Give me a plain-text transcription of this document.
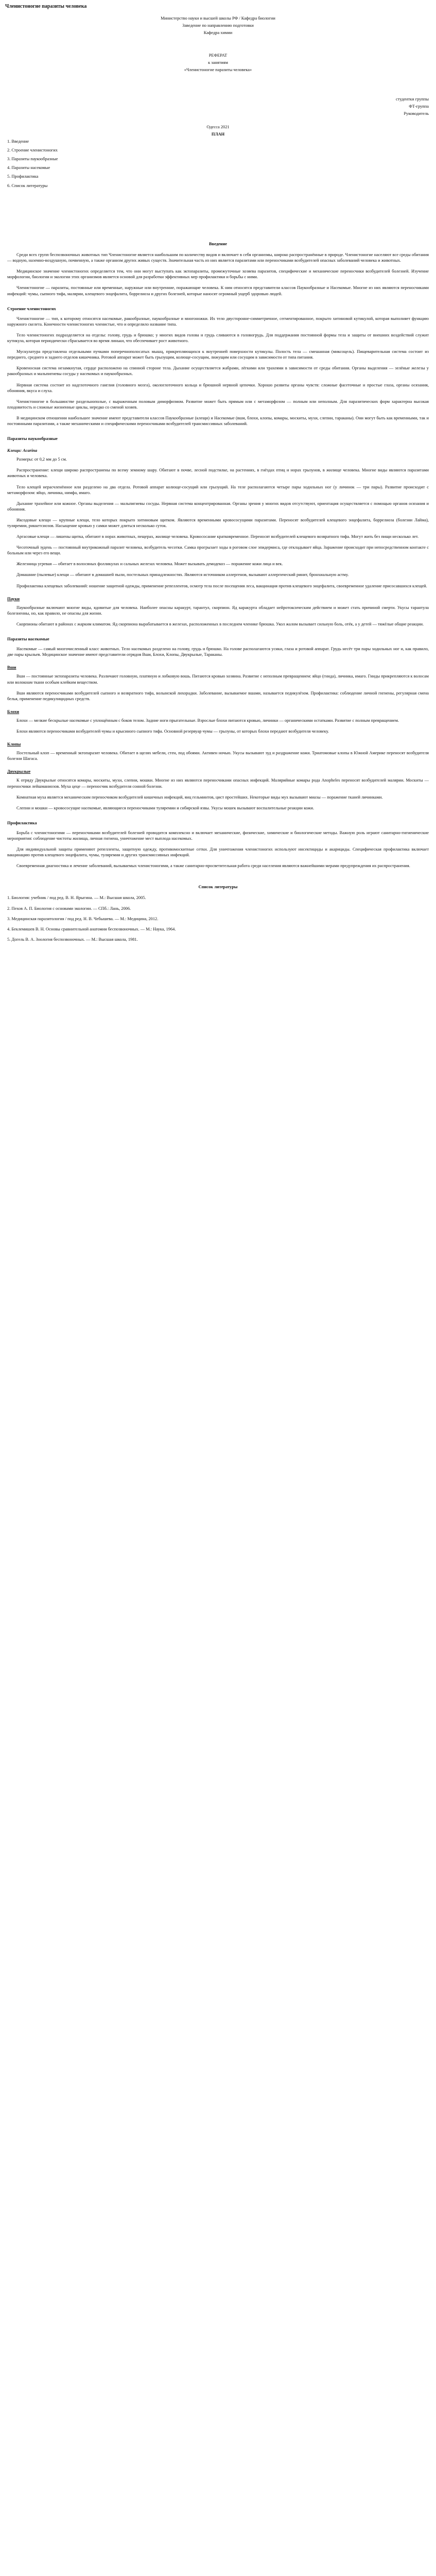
Членистоногие паразиты человека

Министерство науки и высшей школы РФ / Кафедра биологии

Заведение по направлению подготовки

Кафедра химии

РЕФЕРАТ

к занятиям

«Членистоногие паразиты человека»

студентки группы

ФТ-группа

Руководитель

Одесса 2021

ПЛАН

1. Введение
2. Строение членистоногих
3. Паразиты паукообразные
4. Паразиты насекомые
5. Профилактика
6. Список литературы
Введение

Среди всех групп беспозвоночных животных тип Членистоногие является наибольшим по количеству видов и включает в себя организмы, широко распространённые в природе. Членистоногие населяют все среды обитания — водную, наземно-воздушную, почвенную, а также организм других живых существ. Значительная часть из них является паразитами или переносчиками возбудителей опасных заболеваний человека и животных.

Медицинское значение членистоногих определяется тем, что они могут выступать как эктопаразиты, промежуточные хозяева паразитов, специфические и механические переносчики возбудителей болезней. Изучение морфологии, биологии и экологии этих организмов является основой для разработки эффективных мер профилактики и борьбы с ними.

Членистоногие — паразиты, постоянные или временные, наружные или внутренние, поражающие человека. К ним относятся представители классов Паукообразные и Насекомые. Многие из них являются переносчиками инфекций: чумы, сыпного тифа, малярии, клещевого энцефалита, боррелиоза и других болезней, которые наносят огромный ущерб здоровью людей.

Строение членистоногих

Членистоногие — тип, к которому относятся насекомые, ракообразные, паукообразные и многоножки. Их тело двусторонне-симметричное, сегментированное, покрыто хитиновой кутикулой, которая выполняет функцию наружного скелета. Конечности членистоногих членистые, что и определило название типа.

Тело членистоногих подразделяется на отделы: голову, грудь и брюшко; у многих видов голова и грудь сливаются в головогрудь. Для поддержания постоянной формы тела и защиты от внешних воздействий служит кутикула, которая периодически сбрасывается во время линьки, что обеспечивает рост животного.

Мускулатура представлена отдельными пучками поперечнополосатых мышц, прикрепляющихся к внутренней поверхности кутикулы. Полость тела — смешанная (миксоцель). Пищеварительная система состоит из переднего, среднего и заднего отделов кишечника. Ротовой аппарат может быть грызущим, колюще-сосущим, лижущим или сосущим в зависимости от типа питания.

Кровеносная система незамкнутая, сердце расположено на спинной стороне тела. Дыхание осуществляется жабрами, лёгкими или трахеями в зависимости от среды обитания. Органы выделения — зелёные железы у ракообразных и мальпигиевы сосуды у насекомых и паукообразных.

Нервная система состоит из надглоточного ганглия (головного мозга), окологлоточного кольца и брюшной нервной цепочки. Хорошо развиты органы чувств: сложные фасеточные и простые глаза, органы осязания, обоняния, вкуса и слуха.

Членистоногие в большинстве раздельнополые, с выраженным половым диморфизмом. Развитие может быть прямым или с метаморфозом — полным или неполным. Для паразитических форм характерна высокая плодовитость и сложные жизненные циклы, нередко со сменой хозяев.

В медицинском отношении наибольшее значение имеют представители классов Паукообразные (клещи) и Насекомые (вши, блохи, клопы, комары, москиты, мухи, слепни, тараканы). Они могут быть как временными, так и постоянными паразитами, а также механическими и специфическими переносчиками возбудителей трансмиссивных заболеваний.

Паразиты паукообразные
Клещи: Acarina

Размеры: от 0,2 мм до 5 см.

Распространение: клещи широко распространены по всему земному шару. Обитают в почве, лесной подстилке, на растениях, в гнёздах птиц и норах грызунов, в жилище человека. Многие виды являются паразитами животных и человека.

Тело клещей нерасчленённое или разделено на два отдела. Ротовой аппарат колюще-сосущий или грызущий. На теле располагаются четыре пары ходильных ног (у личинок — три пары). Развитие происходит с метаморфозом: яйцо, личинка, нимфа, имаго.

Дыхание трахейное или кожное. Органы выделения — мальпигиевы сосуды. Нервная система концентрированная. Органы зрения у многих видов отсутствуют, ориентация осуществляется с помощью органов осязания и обоняния.

Иксодовые клещи — крупные клещи, тело которых покрыто хитиновым щитком. Являются временными кровососущими паразитами. Переносят возбудителей клещевого энцефалита, боррелиоза (болезни Лайма), туляремии, риккетсиозов. Насыщение кровью у самки может длиться несколько суток.

Аргасовые клещи — лишены щитка, обитают в норах животных, пещерах, жилище человека. Кровососание кратковременное. Переносят возбудителей клещевого возвратного тифа. Могут жить без пищи несколько лет.

Чесоточный зудень — постоянный внутрикожный паразит человека, возбудитель чесотки. Самка прогрызает ходы в роговом слое эпидермиса, где откладывает яйца. Заражение происходит при непосредственном контакте с больным или через его вещи.

Железница угревая — обитает в волосяных фолликулах и сальных железах человека. Может вызывать демодекоз — поражение кожи лица и век.

Домашние (пылевые) клещи — обитают в домашней пыли, постельных принадлежностях. Являются источником аллергенов, вызывают аллергический ринит, бронхиальную астму.

Профилактика клещевых заболеваний: ношение защитной одежды, применение репеллентов, осмотр тела после посещения леса, вакцинация против клещевого энцефалита, своевременное удаление присосавшихся клещей.

Пауки

Паукообразные включают многие виды, ядовитые для человека. Наиболее опасны каракурт, тарантул, скорпион. Яд каракурта обладает нейротоксическим действием и может стать причиной смерти. Укусы тарантула болезненны, но, как правило, не опасны для жизни.

Скорпионы обитают в районах с жарким климатом. Яд скорпиона вырабатывается в железах, расположенных в последнем членике брюшка. Укол жалом вызывает сильную боль, отёк, а у детей — тяжёлые общие реакции.

Паразиты насекомые

Насекомые — самый многочисленный класс животных. Тело насекомых разделено на голову, грудь и брюшко. На голове располагаются усики, глаза и ротовой аппарат. Грудь несёт три пары ходильных ног и, как правило, две пары крыльев. Медицинское значение имеют представители отрядов Вши, Блохи, Клопы, Двукрылые, Тараканы.

Вши

Вши — постоянные эктопаразиты человека. Различают головную, платяную и лобковую вошь. Питаются кровью хозяина. Развитие с неполным превращением: яйцо (гнида), личинка, имаго. Гниды прикрепляются к волосам или волокнам ткани особым клейким веществом.

Вши являются переносчиками возбудителей сыпного и возвратного тифа, волынской лихорадки. Заболевание, вызываемое вшами, называется педикулёзом. Профилактика: соблюдение личной гигиены, регулярная смена белья, применение педикулицидных средств.

Блохи

Блохи — мелкие бескрылые насекомые с уплощённым с боков телом. Задние ноги прыгательные. Взрослые блохи питаются кровью, личинки — органическими остатками. Развитие с полным превращением.

Блохи являются переносчиками возбудителей чумы и крысиного сыпного тифа. Основной резервуар чумы — грызуны, от которых блохи передают возбудителя человеку.

Клопы

Постельный клоп — временный эктопаразит человека. Обитает в щелях мебели, стен, под обоями. Активен ночью. Укусы вызывают зуд и раздражение кожи. Триатомовые клопы в Южной Америке переносят возбудителя болезни Шагаса.

Двукрылые

К отряду Двукрылые относятся комары, москиты, мухи, слепни, мошки. Многие из них являются переносчиками опасных инфекций. Малярийные комары рода Anopheles переносят возбудителей малярии. Москиты — переносчики лейшманиозов. Муха цеце — переносчик возбудителя сонной болезни.

Комнатная муха является механическим переносчиком возбудителей кишечных инфекций, яиц гельминтов, цист простейших. Некоторые виды мух вызывают миазы — поражение тканей личинками.

Слепни и мошки — кровососущие насекомые, являющиеся переносчиками туляремии и сибирской язвы. Укусы мошек вызывают воспалительные реакции кожи.

Профилактика

Борьба с членистоногими — переносчиками возбудителей болезней проводится комплексно и включает механические, физические, химические и биологические методы. Важную роль играют санитарно-гигиенические мероприятия: соблюдение чистоты жилища, личная гигиена, уничтожение мест выплода насекомых.

Для индивидуальной защиты применяют репелленты, защитную одежду, противомоскитные сетки. Для уничтожения членистоногих используют инсектициды и акарициды. Специфическая профилактика включает вакцинацию против клещевого энцефалита, чумы, туляремии и других трансмиссивных инфекций.

Своевременная диагностика и лечение заболеваний, вызываемых членистоногими, а также санитарно-просветительная работа среди населения являются важнейшими мерами предупреждения их распространения.

Список литературы
1. Биология: учебник / под ред. В. Н. Ярыгина. — М.: Высшая школа, 2005.
2. Пехов А. П. Биология с основами экологии. — СПб.: Лань, 2006.
3. Медицинская паразитология / под ред. Н. В. Чебышева. — М.: Медицина, 2012.
4. Беклемишев В. Н. Основы сравнительной анатомии беспозвоночных. — М.: Наука, 1964.
5. Догель В. А. Зоология беспозвоночных. — М.: Высшая школа, 1981.
